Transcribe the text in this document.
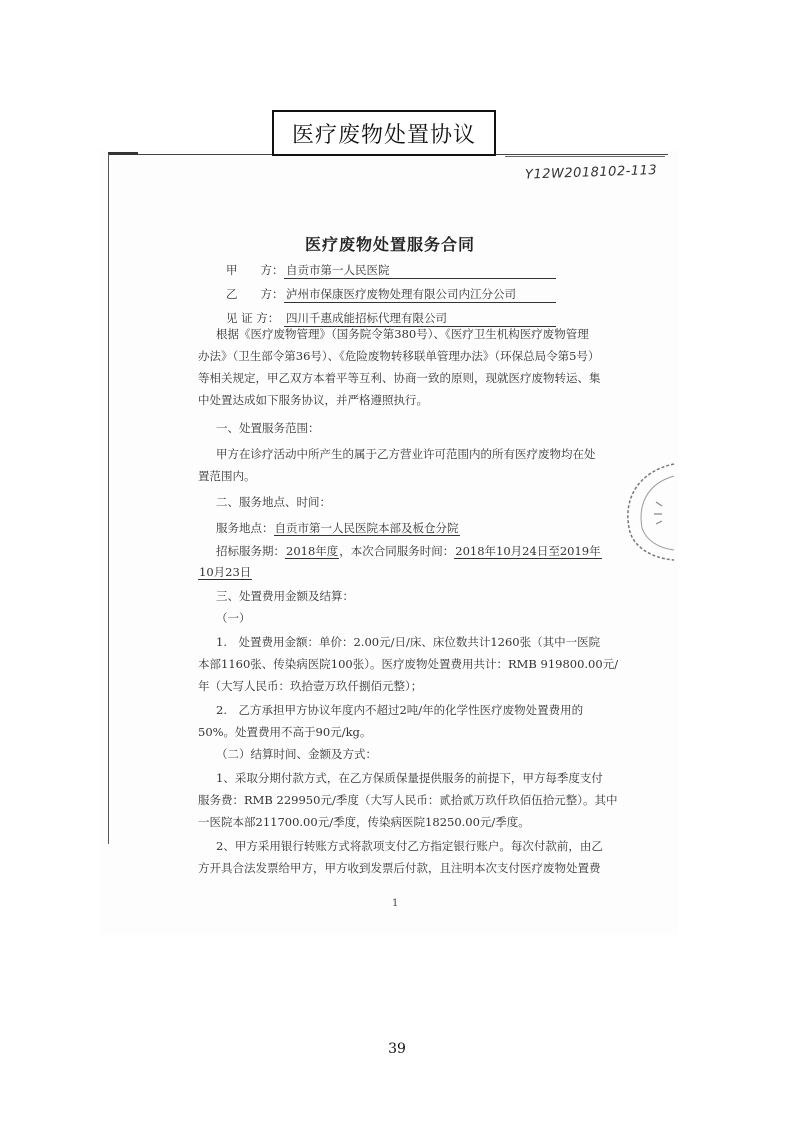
医疗废物处置协议
Y12W2018102-113
医疗废物处置服务合同
甲　　方： 自贡市第一人民医院
乙　　方： 泸州市保康医疗废物处理有限公司内江分公司
见 证 方： 四川千惠成能招标代理有限公司
根据《医疗废物管理》（国务院令第380号）、《医疗卫生机构医疗废物管理
办法》（卫生部令第36号）、《危险废物转移联单管理办法》（环保总局令第5号）
等相关规定，甲乙双方本着平等互利、协商一致的原则，现就医疗废物转运、集
中处置达成如下服务协议，并严格遵照执行。
一、处置服务范围：
甲方在诊疗活动中所产生的属于乙方营业许可范围内的所有医疗废物均在处
置范围内。
二、服务地点、时间：
服务地点：自贡市第一人民医院本部及板仓分院
招标服务期：2018年度，本次合同服务时间：2018年10月24日至2019年
10月23日
三、处置费用金额及结算：
（一）
1.　处置费用金额：单价：2.00元/日/床、床位数共计1260张（其中一医院
本部1160张、传染病医院100张）。医疗废物处置费用共计：RMB 919800.00元/
年（大写人民币：玖拾壹万玖仟捌佰元整）；
2.　乙方承担甲方协议年度内不超过2吨/年的化学性医疗废物处置费用的
50%。处置费用不高于90元/kg。
（二）结算时间、金额及方式：
1、采取分期付款方式，在乙方保质保量提供服务的前提下，甲方每季度支付
服务费：RMB 229950元/季度（大写人民币：贰拾贰万玖仟玖佰伍拾元整）。其中
一医院本部211700.00元/季度，传染病医院18250.00元/季度。
2、甲方采用银行转账方式将款项支付乙方指定银行账户。每次付款前，由乙
方开具合法发票给甲方，甲方收到发票后付款，且注明本次支付医疗废物处置费
1
39
